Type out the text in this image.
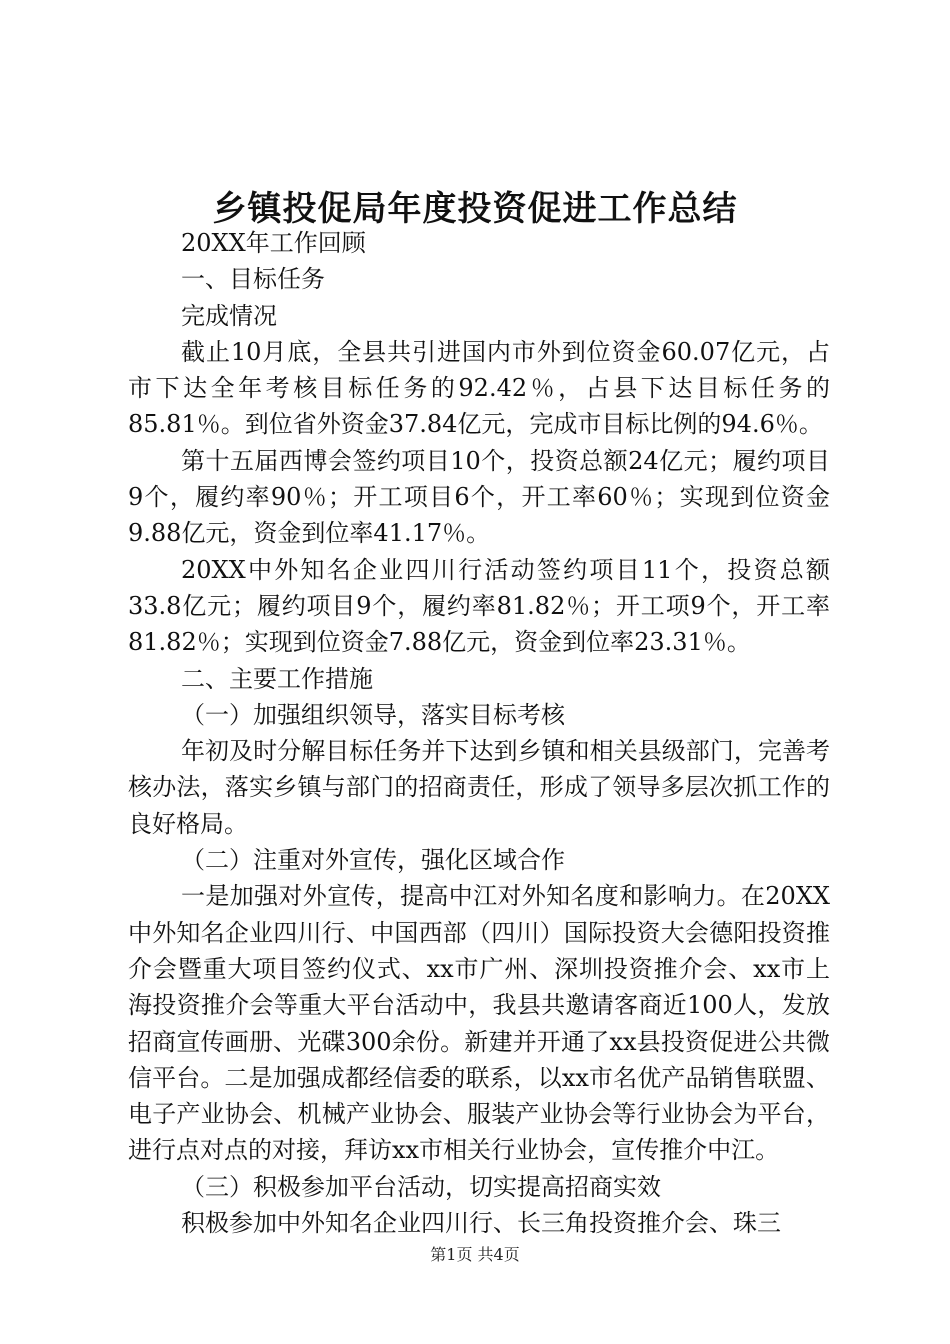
乡镇投促局年度投资促进工作总结

20XX年工作回顾

一、目标任务

完成情况

截止10月底，全县共引进国内市外到位资金60.07亿元，占市下达全年考核目标任务的92.42％，占县下达目标任务的85.81％。到位省外资金37.84亿元，完成市目标比例的94.6％。

第十五届西博会签约项目10个，投资总额24亿元；履约项目9个，履约率90％；开工项目6个，开工率60％；实现到位资金9.88亿元，资金到位率41.17％。

20XX中外知名企业四川行活动签约项目11个，投资总额33.8亿元；履约项目9个，履约率81.82％；开工项9个，开工率81.82％；实现到位资金7.88亿元，资金到位率23.31％。

二、主要工作措施

（一）加强组织领导，落实目标考核

年初及时分解目标任务并下达到乡镇和相关县级部门，完善考核办法，落实乡镇与部门的招商责任，形成了领导多层次抓工作的良好格局。

（二）注重对外宣传，强化区域合作

一是加强对外宣传，提高中江对外知名度和影响力。在20XX中外知名企业四川行、中国西部（四川）国际投资大会德阳投资推介会暨重大项目签约仪式、xx市广州、深圳投资推介会、xx市上海投资推介会等重大平台活动中，我县共邀请客商近100人，发放招商宣传画册、光碟300余份。新建并开通了xx县投资促进公共微信平台。二是加强成都经信委的联系，以xx市名优产品销售联盟、电子产业协会、机械产业协会、服装产业协会等行业协会为平台，进行点对点的对接，拜访xx市相关行业协会，宣传推介中江。

（三）积极参加平台活动，切实提高招商实效

积极参加中外知名企业四川行、长三角投资推介会、珠三

第1页 共4页
